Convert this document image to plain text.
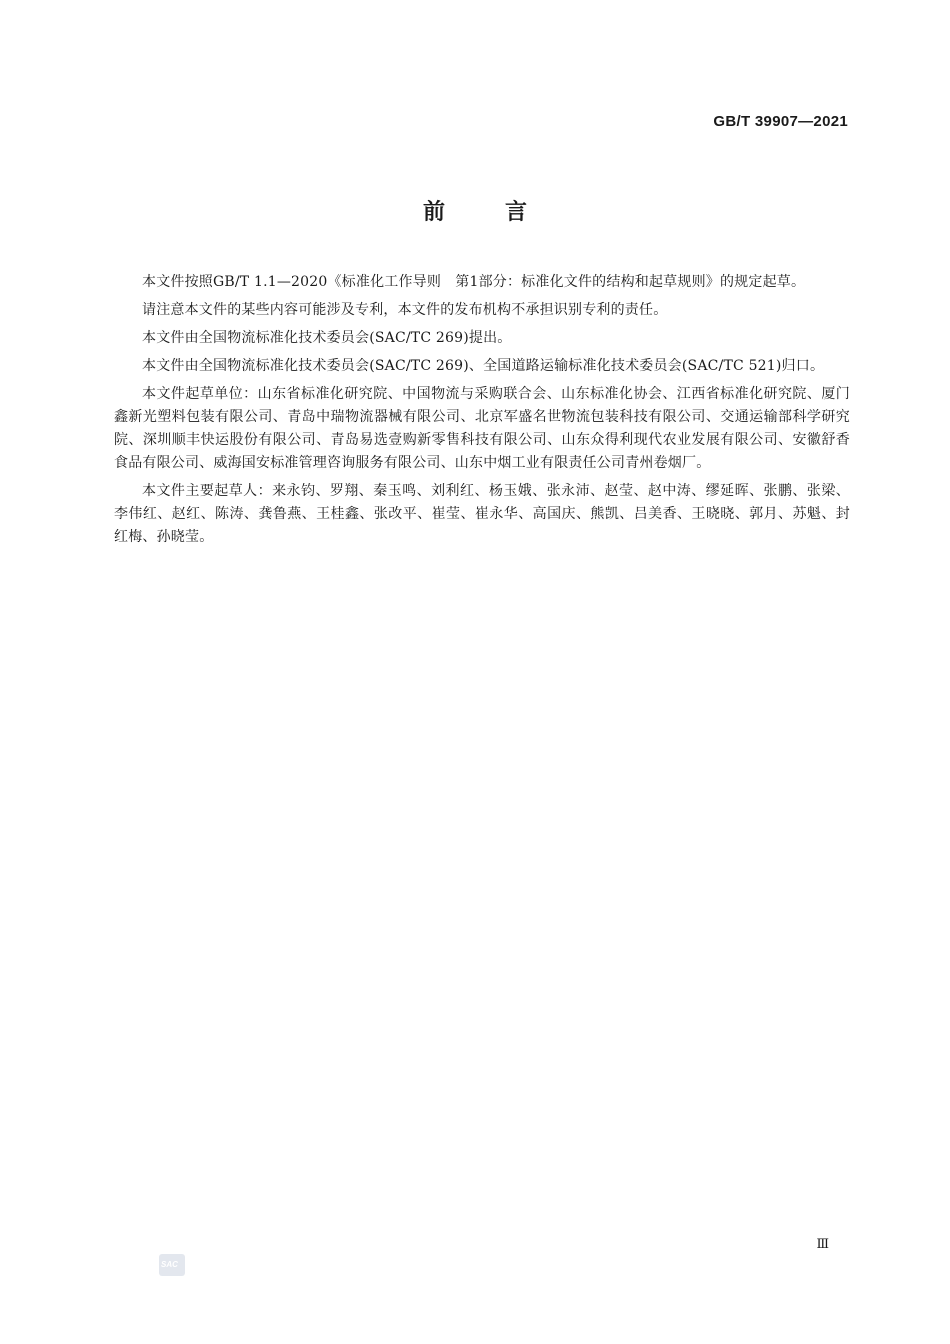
GB/T 39907—2021
前言

本文件按照GB/T 1.1—2020《标准化工作导则　第1部分：标准化文件的结构和起草规则》的规定起草。

请注意本文件的某些内容可能涉及专利，本文件的发布机构不承担识别专利的责任。

本文件由全国物流标准化技术委员会(SAC/TC 269)提出。

本文件由全国物流标准化技术委员会(SAC/TC 269)、全国道路运输标准化技术委员会(SAC/TC 521)归口。

本文件起草单位：山东省标准化研究院、中国物流与采购联合会、山东标准化协会、江西省标准化研究院、厦门鑫新光塑料包装有限公司、青岛中瑞物流器械有限公司、北京军盛名世物流包装科技有限公司、交通运输部科学研究院、深圳顺丰快运股份有限公司、青岛易选壹购新零售科技有限公司、山东众得利现代农业发展有限公司、安徽舒香食品有限公司、威海国安标准管理咨询服务有限公司、山东中烟工业有限责任公司青州卷烟厂。

本文件主要起草人：来永钧、罗翔、秦玉鸣、刘利红、杨玉娥、张永沛、赵莹、赵中涛、缪延晖、张鹏、张梁、李伟红、赵红、陈涛、龚鲁燕、王桂鑫、张改平、崔莹、崔永华、高国庆、熊凯、吕美香、王晓晓、郭月、苏魁、封红梅、孙晓莹。

Ⅲ
SAC
